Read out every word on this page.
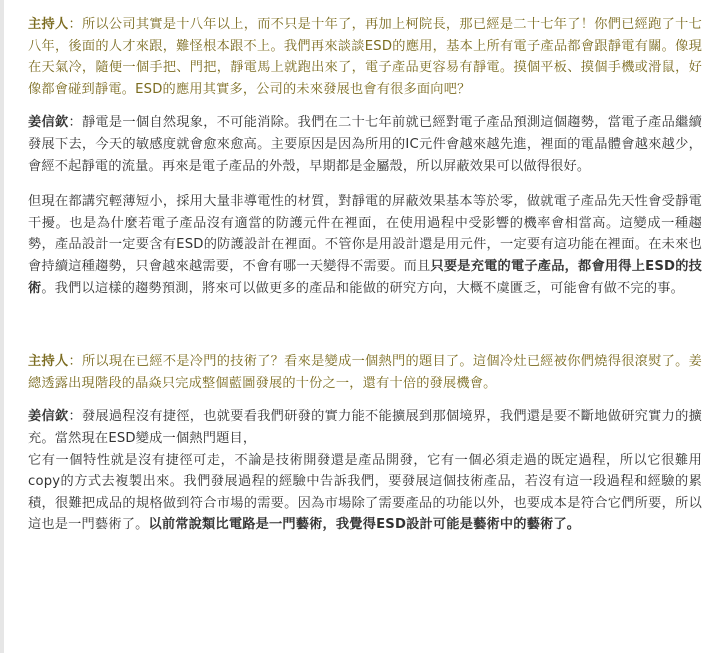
主持人：所以公司其實是十八年以上，而不只是十年了，再加上柯院長，那已經是二十七年了！你們已經跑了十七八年，後面的人才來跟，難怪根本跟不上。我們再來談談ESD的應用，基本上所有電子產品都會跟靜電有關。像現在天氣冷，隨便一個手把、門把，靜電馬上就跑出來了，電子產品更容易有靜電。摸個平板、摸個手機或滑鼠，好像都會碰到靜電。ESD的應用其實多，公司的未來發展也會有很多面向吧？

姜信欽：靜電是一個自然現象，不可能消除。我們在二十七年前就已經對電子產品預測這個趨勢，當電子產品繼續發展下去，今天的敏感度就會愈來愈高。主要原因是因為所用的IC元件會越來越先進，裡面的電晶體會越來越少，會經不起靜電的流量。再來是電子產品的外殼，早期都是金屬殼，所以屏蔽效果可以做得很好。

但現在都講究輕薄短小，採用大量非導電性的材質，對靜電的屏蔽效果基本等於零，做就電子產品先天性會受靜電干擾。也是為什麼若電子產品沒有適當的防護元件在裡面，在使用過程中受影響的機率會相當高。這變成一種趨勢，產品設計一定要含有ESD的防護設計在裡面。不管你是用設計還是用元件，一定要有這功能在裡面。在未來也會持續這種趨勢，只會越來越需要，不會有哪一天變得不需要。而且只要是充電的電子產品，都會用得上ESD的技術。我們以這樣的趨勢預測，將來可以做更多的產品和能做的研究方向，大概不虞匱乏，可能會有做不完的事。

主持人：所以現在已經不是冷門的技術了？看來是變成一個熱門的題目了。這個冷灶已經被你們燒得很滾熨了。姜總透露出現階段的晶焱只完成整個藍圖發展的十份之一，還有十倍的發展機會。

姜信欽：發展過程沒有捷徑，也就要看我們研發的實力能不能擴展到那個境界，我們還是要不斷地做研究實力的擴充。當然現在ESD變成一個熱門題目，
它有一個特性就是沒有捷徑可走，不論是技術開發還是產品開發，它有一個必須走過的既定過程，所以它很難用copy的方式去複製出來。我們發展過程的經驗中告訴我們，要發展這個技術產品，若沒有這一段過程和經驗的累積，很難把成品的規格做到符合市場的需要。因為市場除了需要產品的功能以外，也要成本是符合它們所要，所以這也是一門藝術了。以前常說類比電路是一門藝術，我覺得ESD設計可能是藝術中的藝術了。
